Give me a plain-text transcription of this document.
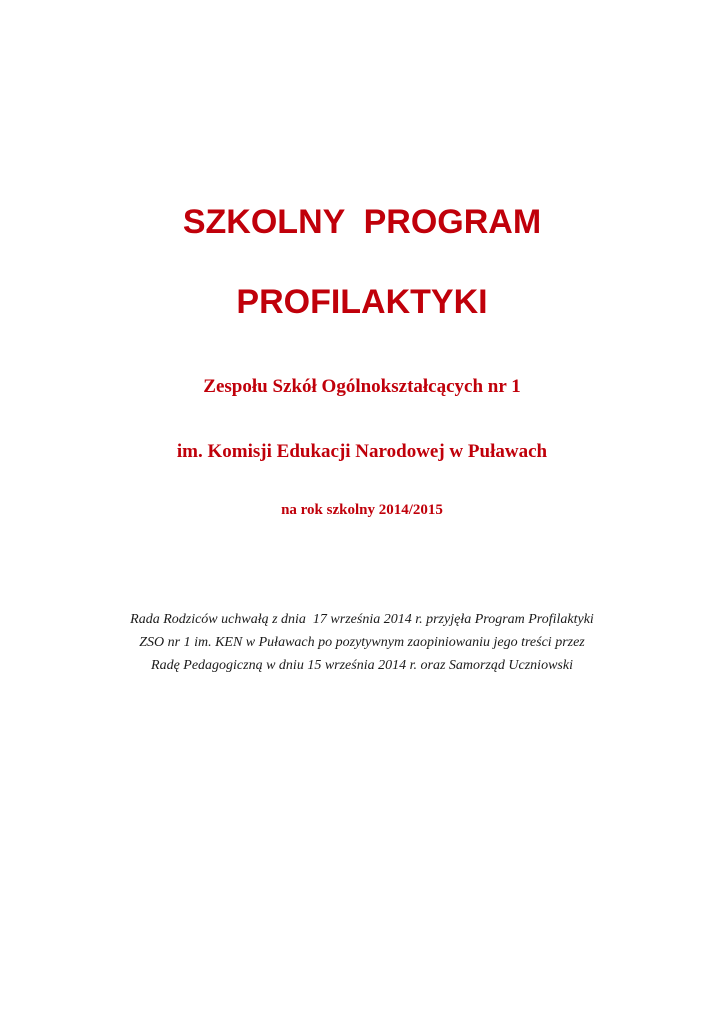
SZKOLNY  PROGRAM
PROFILAKTYKI

Zespołu Szkół Ogólnokształcących nr 1

im. Komisji Edukacji Narodowej w Puławach

na rok szkolny 2014/2015

Rada Rodziców uchwałą z dnia  17 września 2014 r. przyjęła Program Profilaktyki
ZSO nr 1 im. KEN w Puławach po pozytywnym zaopiniowaniu jego treści przez
Radę Pedagogiczną w dniu 15 września 2014 r. oraz Samorząd Uczniowski
